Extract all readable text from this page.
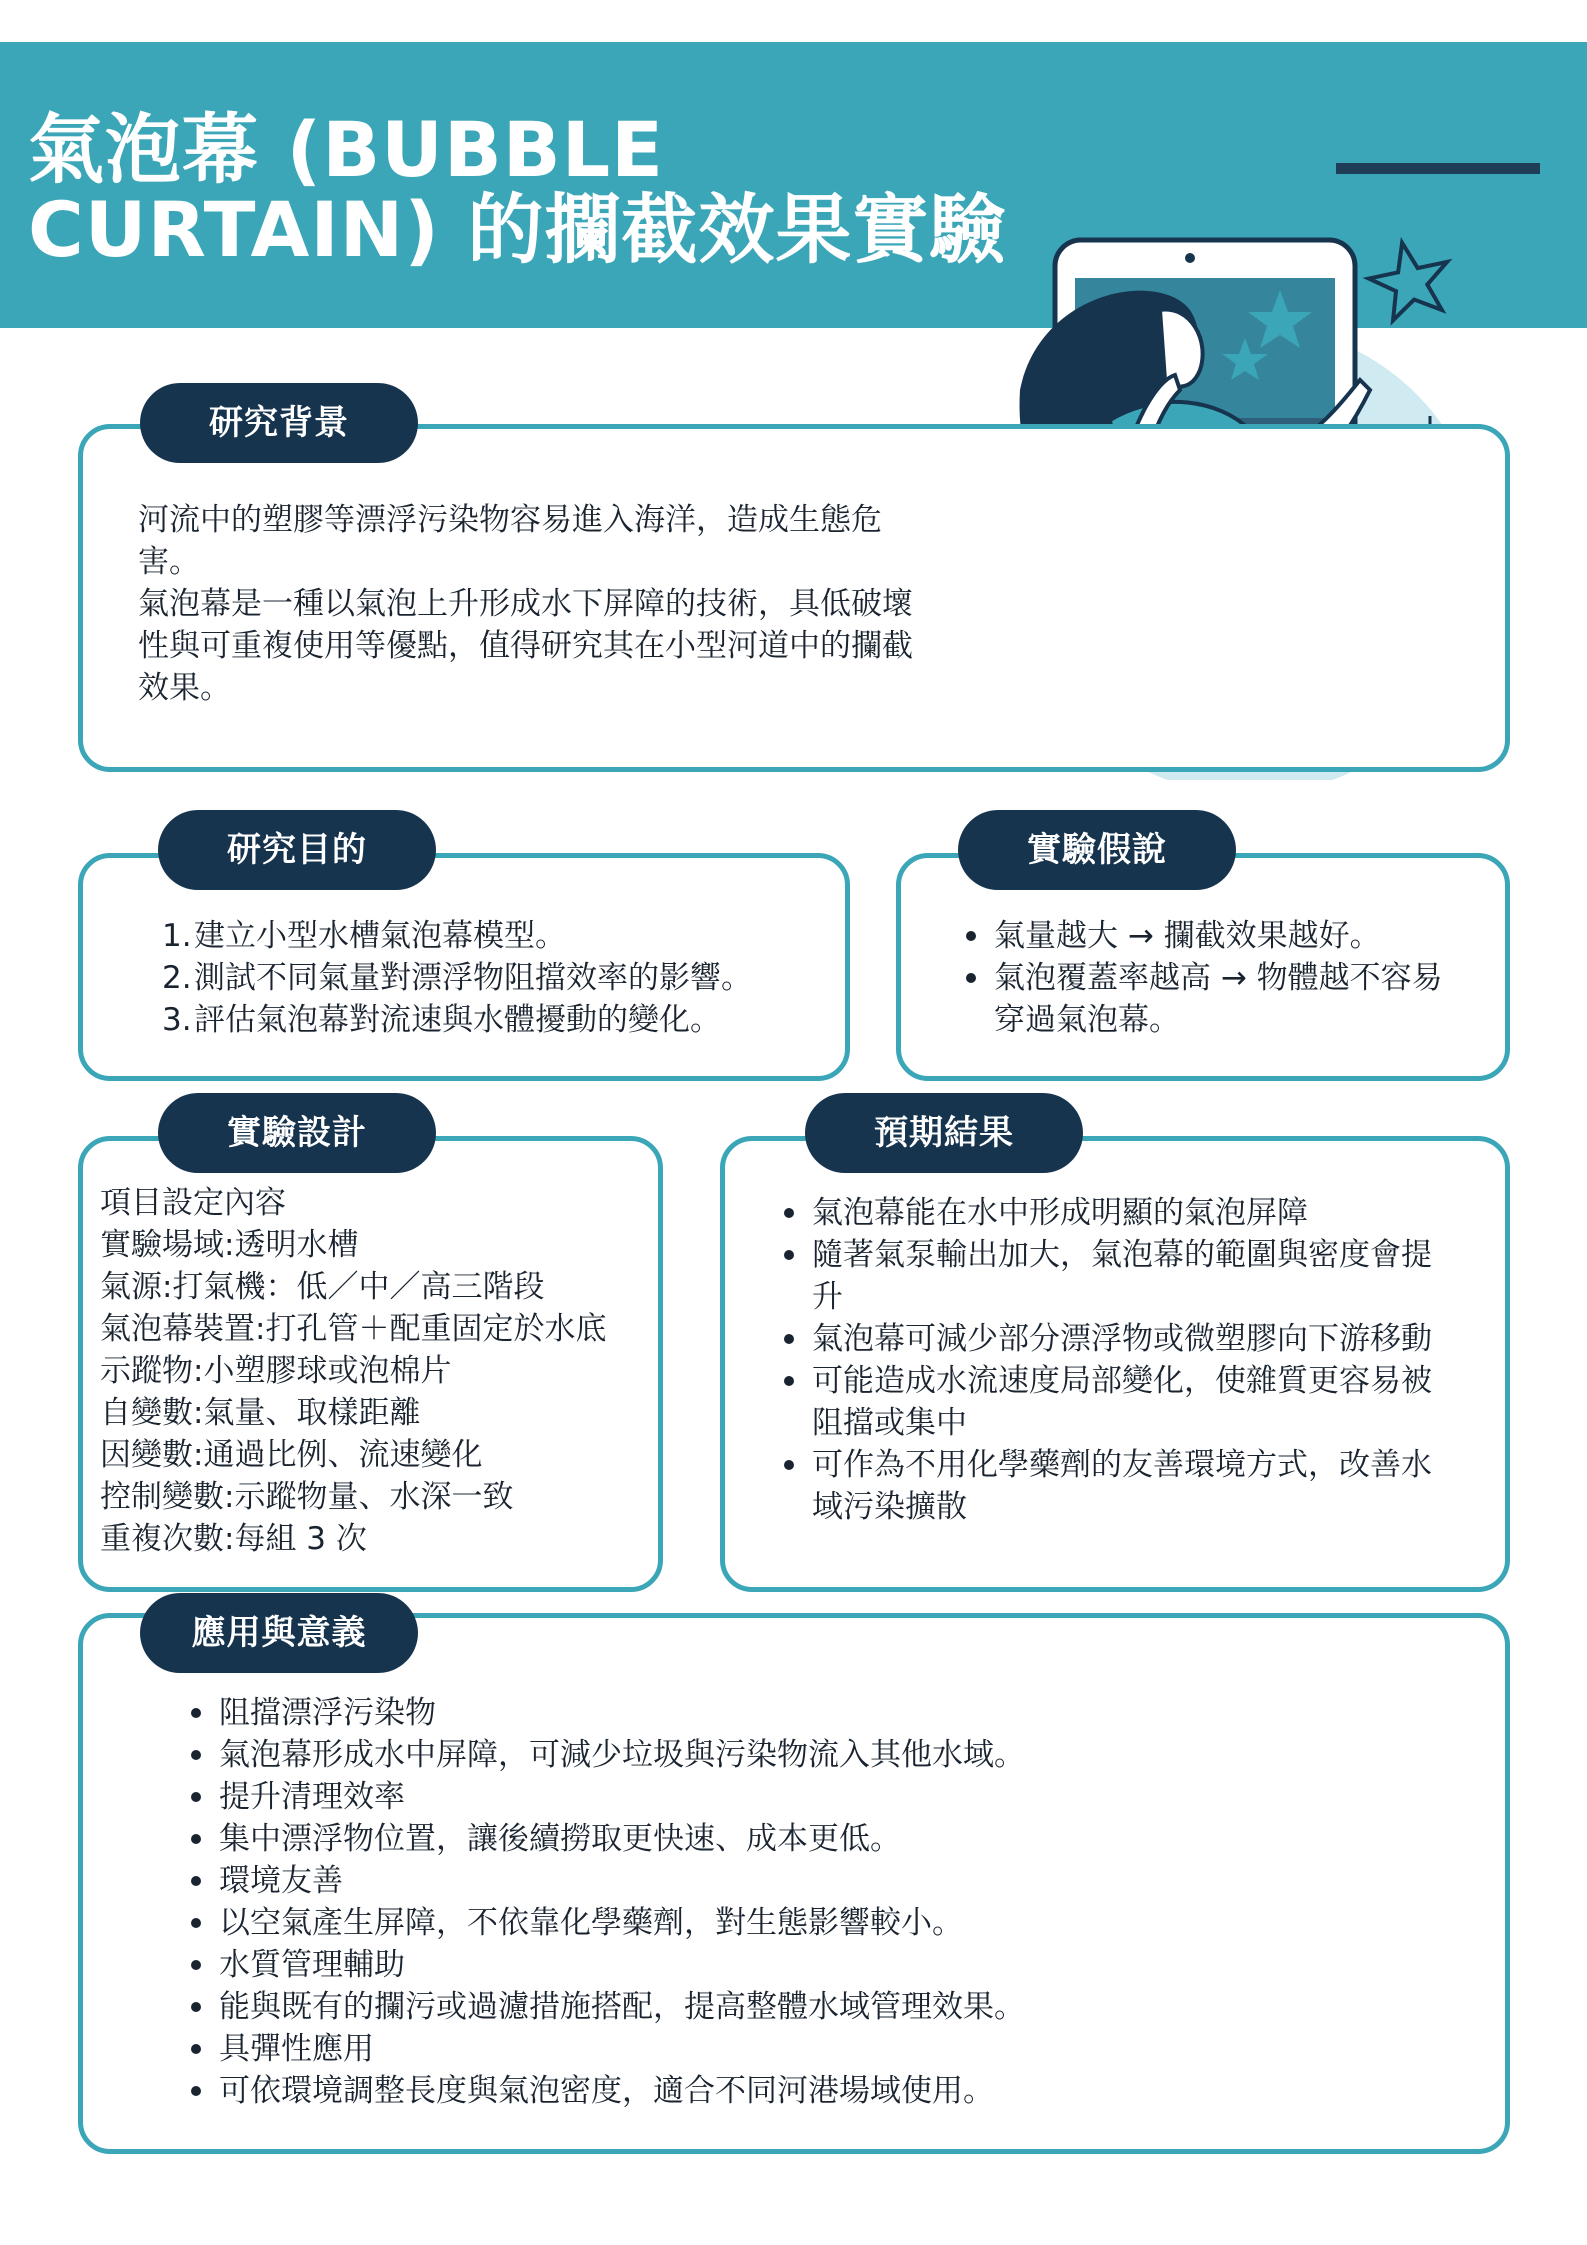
氣泡幕 (BUBBLE
CURTAIN) 的攔截效果實驗
研究背景

河流中的塑膠等漂浮污染物容易進入海洋，造成生態危害。

氣泡幕是一種以氣泡上升形成水下屏障的技術，具低破壞性與可重複使用等優點，值得研究其在小型河道中的攔截效果。

研究目的
1. 建立小型水槽氣泡幕模型。
2. 測試不同氣量對漂浮物阻擋效率的影響。
3. 評估氣泡幕對流速與水體擾動的變化。
實驗假說
氣量越大 → 攔截效果越好。
氣泡覆蓋率越高 → 物體越不容易穿過氣泡幕。
實驗設計
項目設定內容
實驗場域:透明水槽
氣源:打氣機：低／中／高三階段
氣泡幕裝置:打孔管＋配重固定於水底
示蹤物:小塑膠球或泡棉片
自變數:氣量、取樣距離
因變數:通過比例、流速變化
控制變數:示蹤物量、水深一致
重複次數:每組 3 次
預期結果
氣泡幕能在水中形成明顯的氣泡屏障
隨著氣泵輸出加大，氣泡幕的範圍與密度會提升
氣泡幕可減少部分漂浮物或微塑膠向下游移動
可能造成水流速度局部變化，使雜質更容易被阻擋或集中
可作為不用化學藥劑的友善環境方式，改善水域污染擴散
應用與意義
阻擋漂浮污染物
氣泡幕形成水中屏障，可減少垃圾與污染物流入其他水域。
提升清理效率
集中漂浮物位置，讓後續撈取更快速、成本更低。
環境友善
以空氣產生屏障，不依靠化學藥劑，對生態影響較小。
水質管理輔助
能與既有的攔污或過濾措施搭配，提高整體水域管理效果。
具彈性應用
可依環境調整長度與氣泡密度，適合不同河港場域使用。
